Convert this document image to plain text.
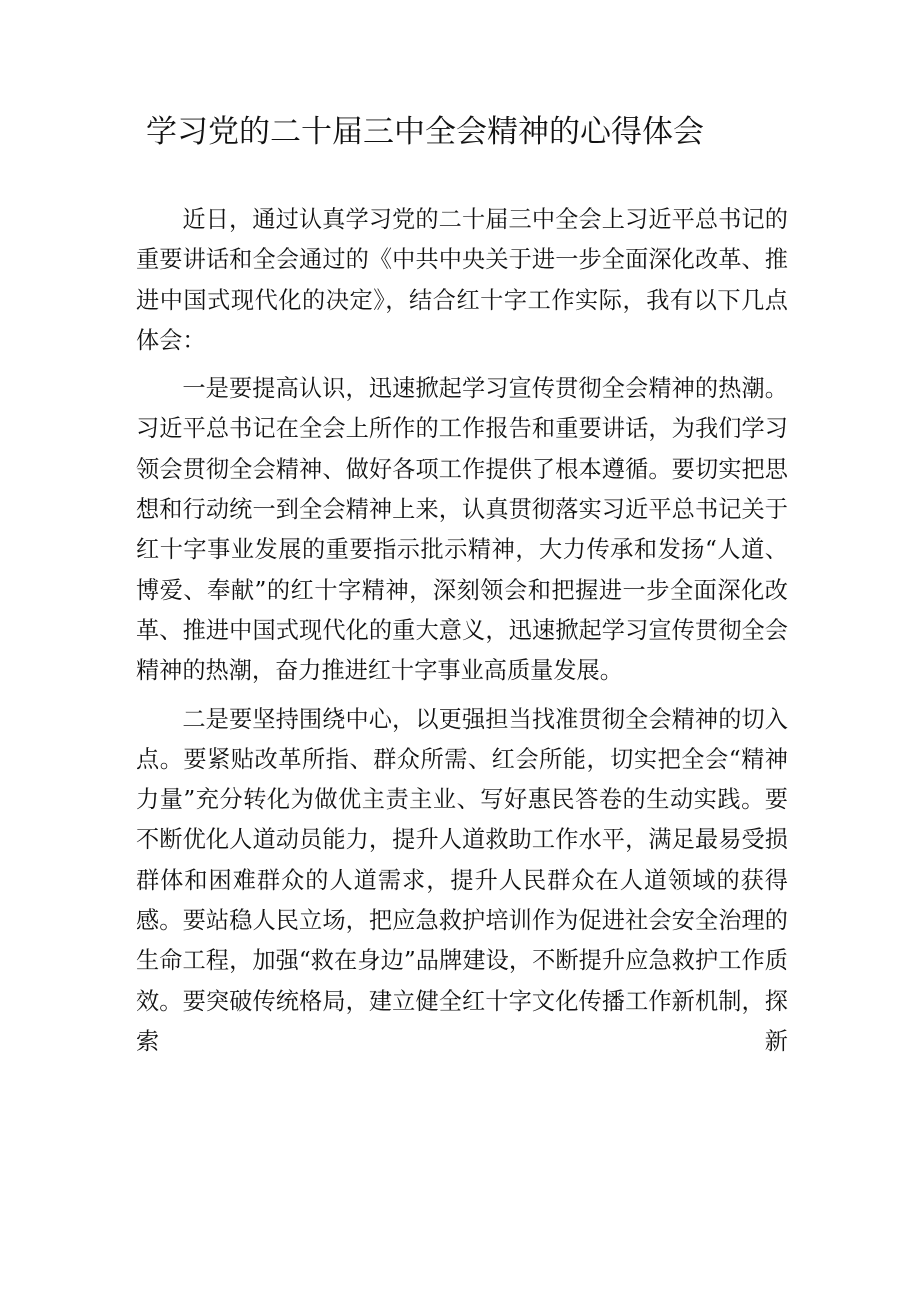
学习党的二十届三中全会精神的心得体会

近日，通过认真学习党的二十届三中全会上习近平总书记的重要讲话和全会通过的《中共中央关于进一步全面深化改革、推进中国式现代化的决定》，结合红十字工作实际，我有以下几点体会：

一是要提高认识，迅速掀起学习宣传贯彻全会精神的热潮。习近平总书记在全会上所作的工作报告和重要讲话，为我们学习领会贯彻全会精神、做好各项工作提供了根本遵循。要切实把思想和行动统一到全会精神上来，认真贯彻落实习近平总书记关于红十字事业发展的重要指示批示精神，大力传承和发扬“人道、博爱、奉献”的红十字精神，深刻领会和把握进一步全面深化改革、推进中国式现代化的重大意义，迅速掀起学习宣传贯彻全会精神的热潮，奋力推进红十字事业高质量发展。

二是要坚持围绕中心，以更强担当找准贯彻全会精神的切入点。要紧贴改革所指、群众所需、红会所能，切实把全会“精神力量”充分转化为做优主责主业、写好惠民答卷的生动实践。要不断优化人道动员能力，提升人道救助工作水平，满足最易受损群体和困难群众的人道需求，提升人民群众在人道领域的获得感。要站稳人民立场，把应急救护培训作为促进社会安全治理的生命工程，加强“救在身边”品牌建设，不断提升应急救护工作质效。要突破传统格局，建立健全红十字文化传播工作新机制，探索新
